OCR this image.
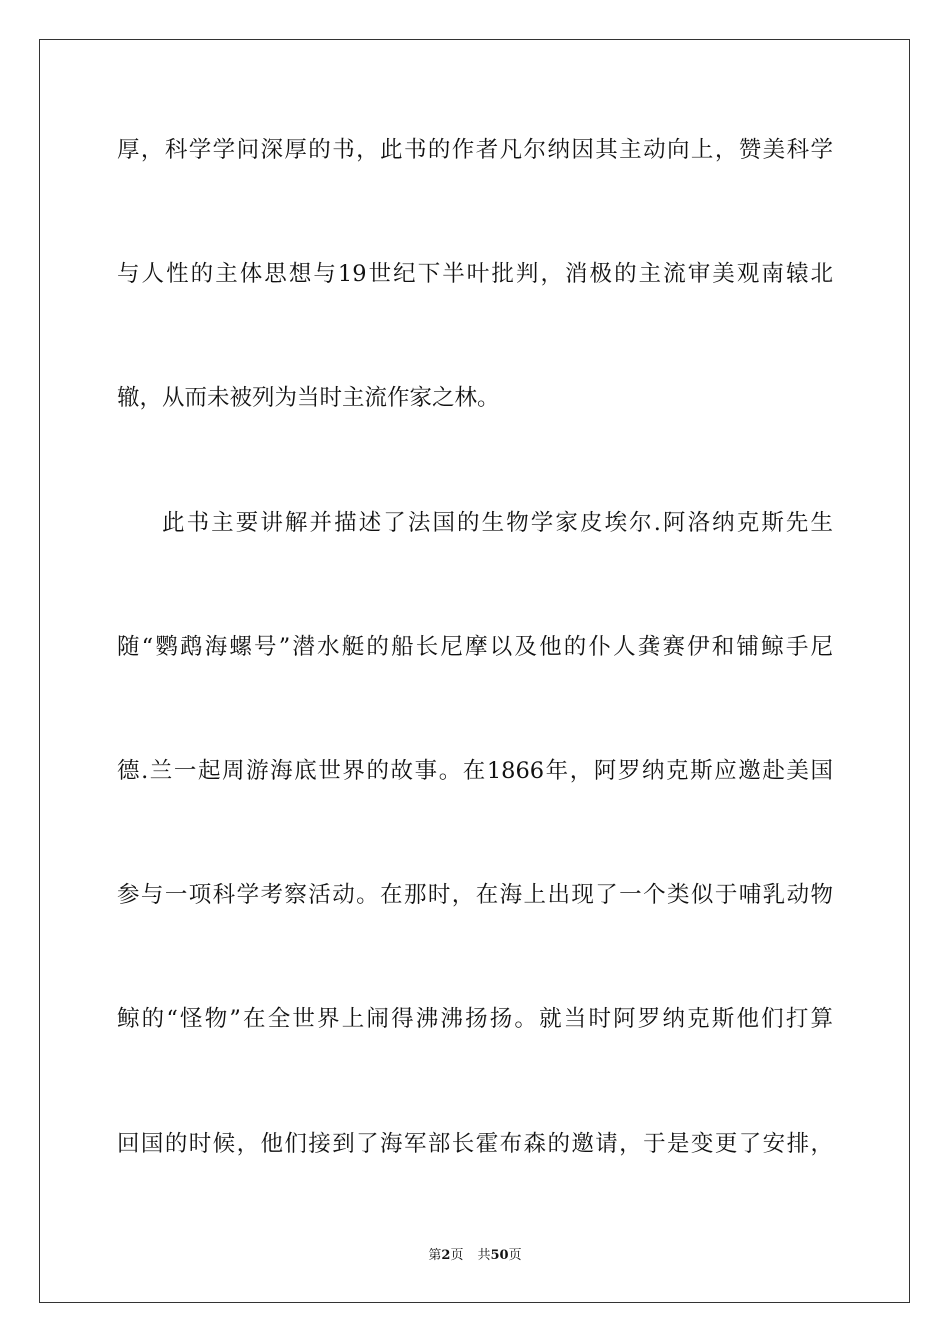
厚，科学学问深厚的书，此书的作者凡尔纳因其主动向上，赞美科学
与人性的主体思想与19世纪下半叶批判，消极的主流审美观南辕北
辙，从而未被列为当时主流作家之林。
此书主要讲解并描述了法国的生物学家皮埃尔.阿洛纳克斯先生
随“鹦鹉海螺号”潜水艇的船长尼摩以及他的仆人龚赛伊和铺鲸手尼
德.兰一起周游海底世界的故事。在1866年，阿罗纳克斯应邀赴美国
参与一项科学考察活动。在那时，在海上出现了一个类似于哺乳动物
鲸的“怪物”在全世界上闹得沸沸扬扬。就当时阿罗纳克斯他们打算
回国的时候，他们接到了海军部长霍布森的邀请，于是变更了安排，
第2页 共50页
